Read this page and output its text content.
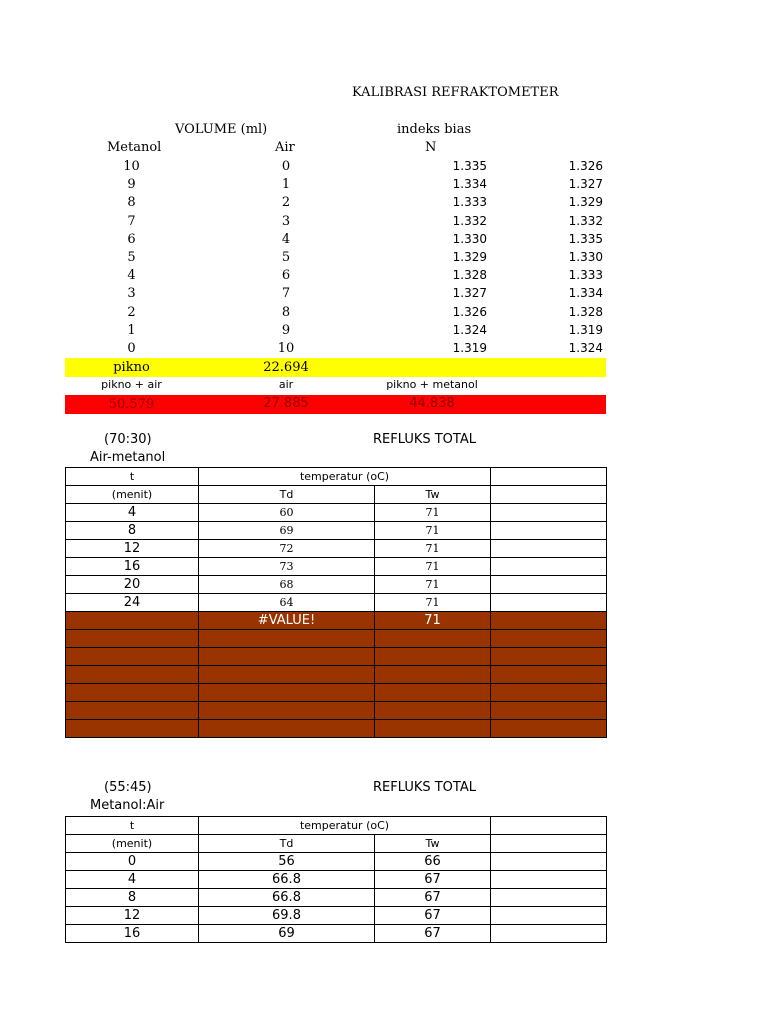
KALIBRASI REFRAKTOMETER
VOLUME (ml)	indeks bias
Metanol	Air	N
10	0	1.335	1.326
9	1	1.334	1.327
8	2	1.333	1.329
7	3	1.332	1.332
6	4	1.330	1.335
5	5	1.329	1.330
4	6	1.328	1.333
3	7	1.327	1.334
2	8	1.326	1.328
1	9	1.324	1.319
0	10	1.319	1.324
pikno	22.694
pikno + air	air	pikno + metanol
50.579	27.885	44.838
(70:30)	REFLUKS TOTAL
Air-metanol
t	temperatur (oC)		
(menit)	Td	Tw	
4	60	71	
8	69	71	
12	72	71	
16	73	71	
20	68	71	
24	64	71	
	#VALUE!	71	

(55:45)	REFLUKS TOTAL
Metanol:Air
t	temperatur (oC)		
(menit)	Td	Tw	
0	56	66	
4	66.8	67	
8	66.8	67	
12	69.8	67	
16	69	67	
